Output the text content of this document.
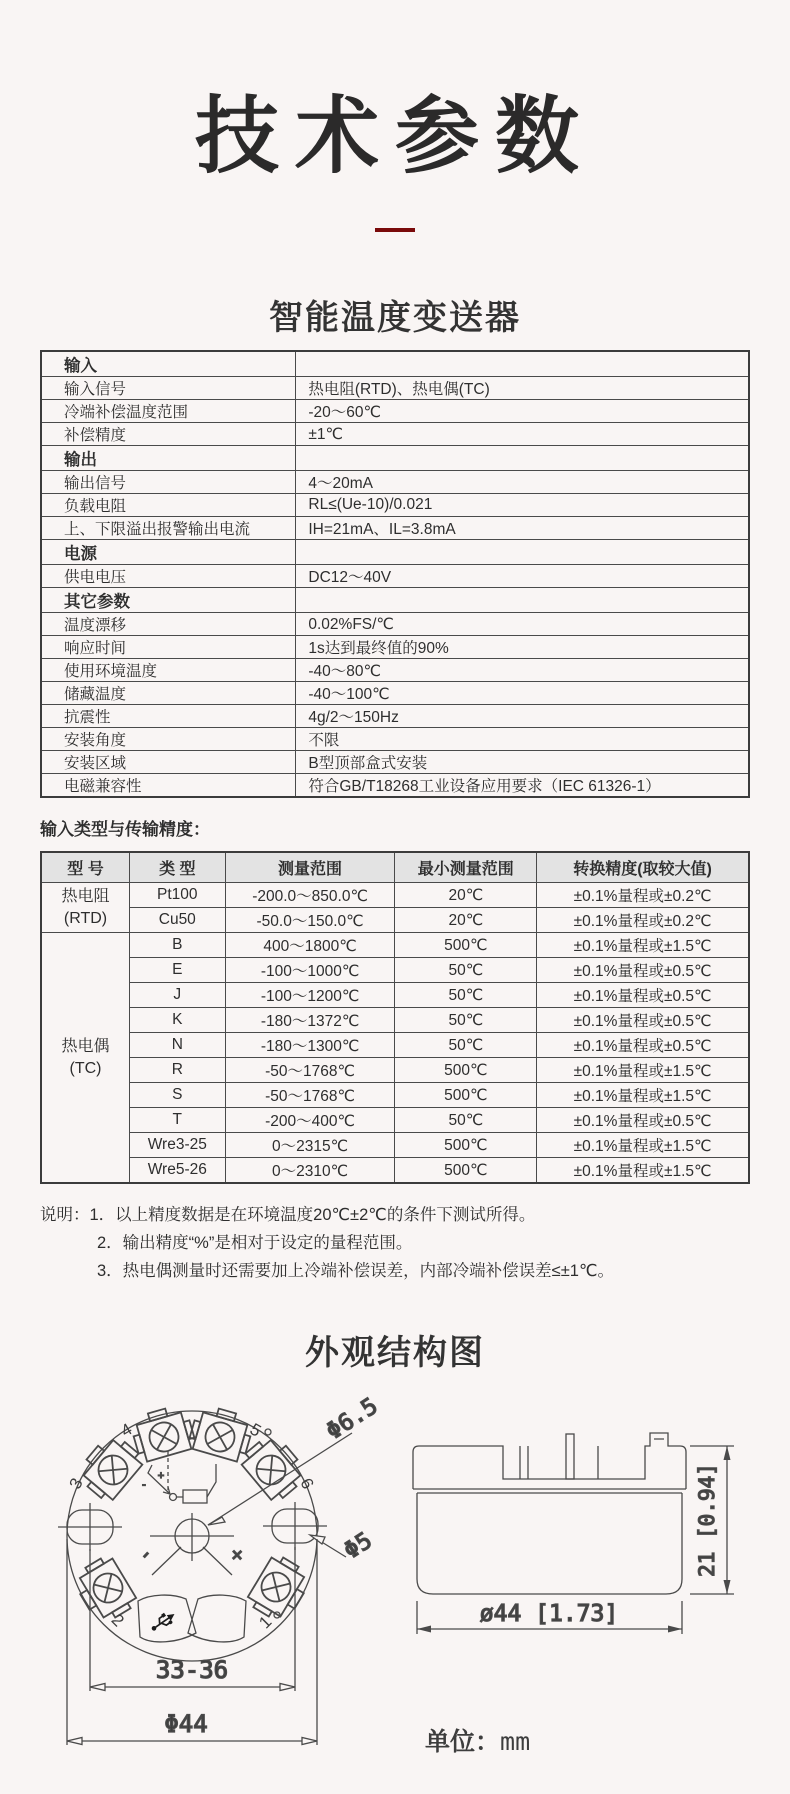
技术参数
智能温度变送器
输入	
输入信号	热电阻(RTD)、热电偶(TC)
冷端补偿温度范围	-20～60℃
补偿精度	±1℃
输出	
输出信号	4～20mA
负载电阻	RL≤(Ue-10)/0.021
上、下限溢出报警输出电流	IH=21mA、IL=3.8mA
电源	
供电电压	DC12～40V
其它参数	
温度漂移	0.02%FS/℃
响应时间	1s达到最终值的90%
使用环境温度	-40～80℃
储藏温度	-40～100℃
抗震性	4g/2～150Hz
安装角度	不限
安装区域	B型顶部盒式安装
电磁兼容性	符合GB/T18268工业设备应用要求（IEC 61326-1）
输入类型与传输精度：
型 号	类 型	测量范围	最小测量范围	转换精度(取较大值)

热电阻
(RTD)	Pt100	-200.0～850.0℃	20℃	±0.1%量程或±0.2℃
	Cu50	-50.0～150.0℃	20℃	±0.1%量程或±0.2℃

热电偶
(TC)	B	400～1800℃	500℃	±0.1%量程或±1.5℃
	E	-100～1000℃	50℃	±0.1%量程或±0.5℃
	J	-100～1200℃	50℃	±0.1%量程或±0.5℃
	K	-180～1372℃	50℃	±0.1%量程或±0.5℃
	N	-180～1300℃	50℃	±0.1%量程或±0.5℃
	R	-50～1768℃	500℃	±0.1%量程或±1.5℃
	S	-50～1768℃	500℃	±0.1%量程或±1.5℃
	T	-200～400℃	50℃	±0.1%量程或±0.5℃
	Wre3-25	0～2315℃	500℃	±0.1%量程或±1.5℃
	Wre5-26	0～2310℃	500℃	±0.1%量程或±1.5℃
说明： 1．以上精度数据是在环境温度20℃±2℃的条件下测试所得。
2．输出精度“%”是相对于设定的量程范围。
3．热电偶测量时还需要加上冷端补偿误差，内部冷端补偿误差≤±1℃。
外观结构图
-	+
-
+
3
4	5
6
2	1
Φ6.5
Φ5
33-36
Φ44
21 [0.94]
ø44 [1.73]
单位：mm
